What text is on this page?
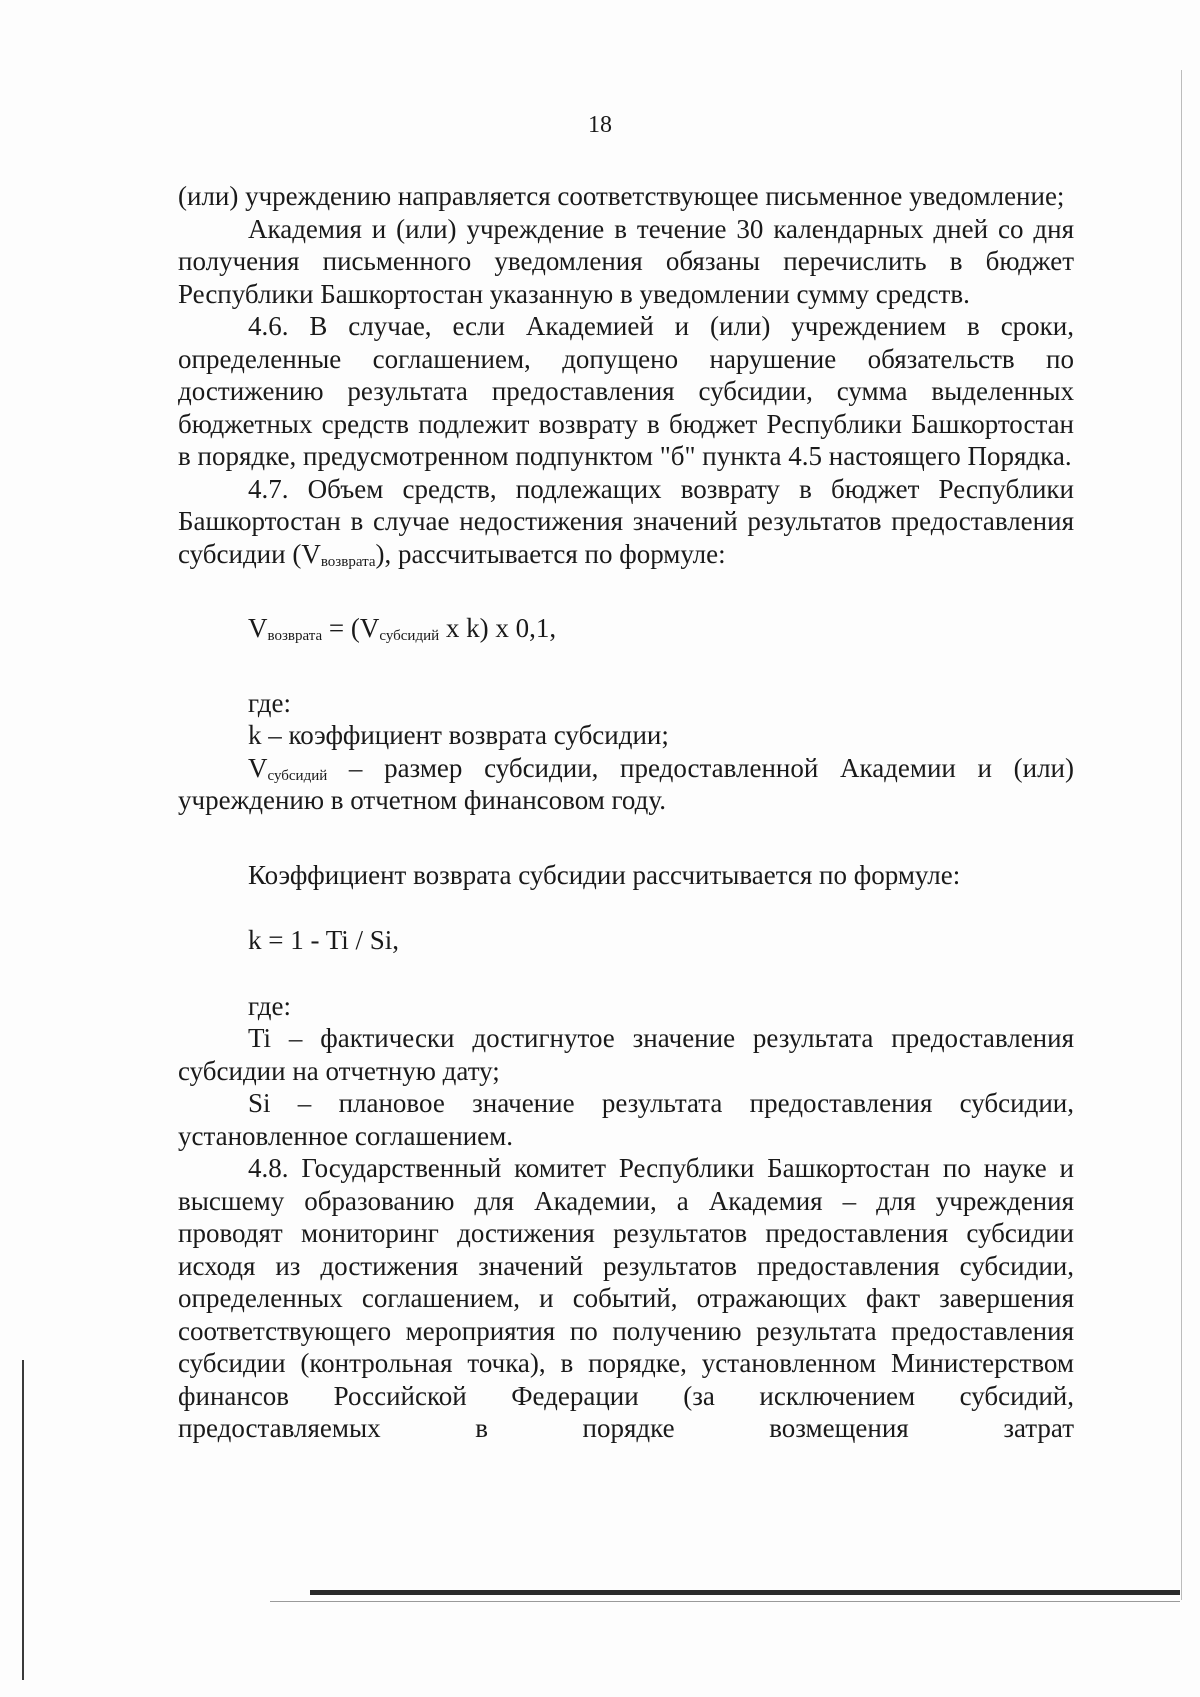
18

(или) учреждению направляется соответствующее письменное уведомление;

Академия и (или) учреждение в течение 30 календарных дней со дня получения письменного уведомления обязаны перечислить в бюджет Республики Башкортостан указанную в уведомлении сумму средств.

4.6. В случае, если Академией и (или) учреждением в сроки, определенные соглашением, допущено нарушение обязательств по достижению результата предоставления субсидии, сумма выделенных бюджетных средств подлежит возврату в бюджет Республики Башкортостан в порядке, предусмотренном подпунктом "б" пункта 4.5 настоящего Порядка.

4.7. Объем средств, подлежащих возврату в бюджет Республики Башкортостан в случае недостижения значений результатов предоставления субсидии $(V_{возврата})$, рассчитывается по формуле:

$V_{возврата} = (V_{субсидий}$ x k) x 0,1,

где:

k – коэффициент возврата субсидии;

$V_{субсидий}$ – размер субсидии, предоставленной Академии и (или) учреждению в отчетном финансовом году.

Коэффициент возврата субсидии рассчитывается по формуле:

k = 1 - Ti / Si,

где:

Ti – фактически достигнутое значение результата предоставления субсидии на отчетную дату;

Si – плановое значение результата предоставления субсидии, установленное соглашением.

4.8. Государственный комитет Республики Башкортостан по науке и высшему образованию для Академии, а Академия – для учреждения проводят мониторинг достижения результатов предоставления субсидии исходя из достижения значений результатов предоставления субсидии, определенных соглашением, и событий, отражающих факт завершения соответствующего мероприятия по получению результата предоставления субсидии (контрольная точка), в порядке, установленном Министерством финансов Российской Федерации (за исключением субсидий, предоставляемых в порядке возмещения затрат
